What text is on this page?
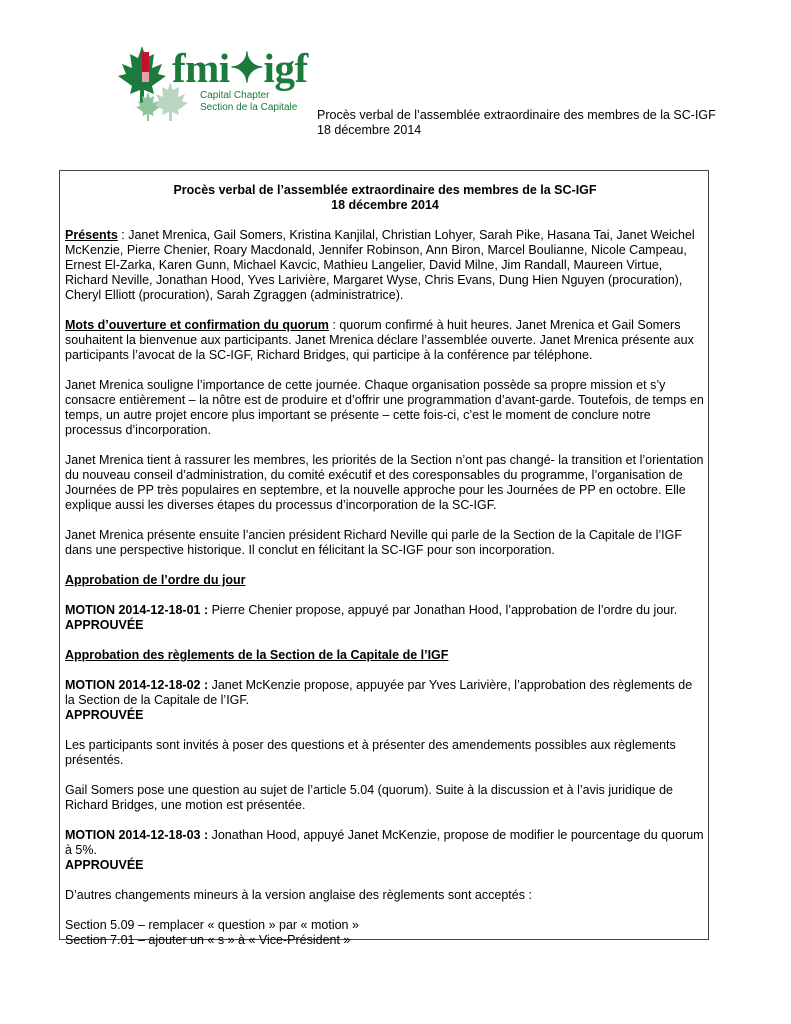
fmi✦igf
Capital Chapter
Section de la Capitale
Procès verbal de l’assemblée extraordinaire des membres de la SC-IGF
18 décembre 2014

Procès verbal de l’assemblée extraordinaire des membres de la SC-IGF
18 décembre 2014

Présents : Janet Mrenica, Gail Somers, Kristina Kanjilal, Christian Lohyer, Sarah Pike, Hasana Tai, Janet Weichel McKenzie, Pierre Chenier, Roary Macdonald, Jennifer Robinson, Ann Biron, Marcel Boulianne, Nicole Campeau, Ernest El-Zarka, Karen Gunn, Michael Kavcic, Mathieu Langelier, David Milne, Jim Randall, Maureen Virtue, Richard Neville, Jonathan Hood, Yves Larivière, Margaret Wyse, Chris Evans, Dung Hien Nguyen (procuration), Cheryl Elliott (procuration), Sarah Zgraggen (administratrice).

Mots d’ouverture et confirmation du quorum : quorum confirmé à huit heures. Janet Mrenica et Gail Somers souhaitent la bienvenue aux participants. Janet Mrenica déclare l’assemblée ouverte. Janet Mrenica présente aux participants l’avocat de la SC-IGF, Richard Bridges, qui participe à la conférence par téléphone.

Janet Mrenica souligne l’importance de cette journée. Chaque organisation possède sa propre mission et s’y consacre entièrement – la nôtre est de produire et d’offrir une programmation d’avant-garde. Toutefois, de temps en temps, un autre projet encore plus important se présente – cette fois-ci, c’est le moment de conclure notre processus d’incorporation.

Janet Mrenica tient à rassurer les membres, les priorités de la Section n’ont pas changé- la transition et l’orientation du nouveau conseil d’administration, du comité exécutif et des coresponsables du programme, l’organisation de Journées de PP très populaires en septembre, et la nouvelle approche pour les Journées de PP en octobre. Elle explique aussi les diverses étapes du processus d’incorporation de la SC-IGF.

Janet Mrenica présente ensuite l’ancien président Richard Neville qui parle de la Section de la Capitale de l’IGF dans une perspective historique. Il conclut en félicitant la SC-IGF pour son incorporation.

Approbation de l’ordre du jour

MOTION 2014-12-18-01 : Pierre Chenier propose, appuyé par Jonathan Hood, l’approbation de l’ordre du jour.
APPROUVÉE

Approbation des règlements de la Section de la Capitale de l’IGF

MOTION 2014-12-18-02 : Janet McKenzie propose, appuyée par Yves Larivière, l’approbation des règlements de la Section de la Capitale de l’IGF.
APPROUVÉE

Les participants sont invités à poser des questions et à présenter des amendements possibles aux règlements présentés.

Gail Somers pose une question au sujet de l’article 5.04 (quorum). Suite à la discussion et à l’avis juridique de Richard Bridges, une motion est présentée.

MOTION 2014-12-18-03 : Jonathan Hood, appuyé Janet McKenzie, propose de modifier le pourcentage du quorum à 5%.
APPROUVÉE

D’autres changements mineurs à la version anglaise des règlements sont acceptés :

Section 5.09 – remplacer « question » par « motion »
Section 7.01 – ajouter un « s » à « Vice-Président »
